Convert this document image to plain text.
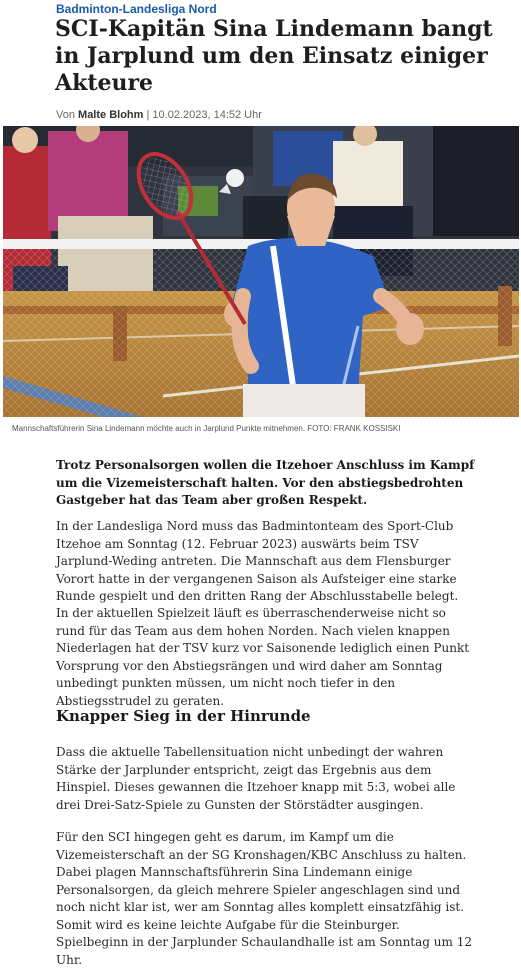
Badminton-Landesliga Nord
SCI-Kapitän Sina Lindemann bangt in Jarplund um den Einsatz einiger Akteure
Von Malte Blohm | 10.02.2023, 14:52 Uhr
Mannschaftsführerin Sina Lindemann möchte auch in Jarplund Punkte mitnehmen. FOTO: FRANK KOSSISKI

Trotz Personalsorgen wollen die Itzehoer Anschluss im Kampf um die Vizemeisterschaft halten. Vor den abstiegsbedrohten Gastgeber hat das Team aber großen Respekt.

In der Landesliga Nord muss das Badmintonteam des Sport-Club Itzehoe am Sonntag (12. Februar 2023) auswärts beim TSV Jarplund-Weding antreten. Die Mannschaft aus dem Flensburger Vorort hatte in der vergangenen Saison als Aufsteiger eine starke Runde gespielt und den dritten Rang der Abschlusstabelle belegt.

In der aktuellen Spielzeit läuft es überraschenderweise nicht so rund für das Team aus dem hohen Norden. Nach vielen knappen Niederlagen hat der TSV kurz vor Saisonende lediglich einen Punkt Vorsprung vor den Abstiegsrängen und wird daher am Sonntag unbedingt punkten müssen, um nicht noch tiefer in den Abstiegsstrudel zu geraten.

Knapper Sieg in der Hinrunde

Dass die aktuelle Tabellensituation nicht unbedingt der wahren Stärke der Jarplunder entspricht, zeigt das Ergebnis aus dem Hinspiel. Dieses gewannen die Itzehoer knapp mit 5:3, wobei alle drei Drei-Satz-Spiele zu Gunsten der Störstädter ausgingen.

Für den SCI hingegen geht es darum, im Kampf um die Vizemeisterschaft an der SG Kronshagen/KBC Anschluss zu halten. Dabei plagen Mannschaftsführerin Sina Lindemann einige Personalsorgen, da gleich mehrere Spieler angeschlagen sind und noch nicht klar ist, wer am Sonntag alles komplett einsatzfähig ist. Somit wird es keine leichte Aufgabe für die Steinburger. Spielbeginn in der Jarplunder Schaulandhalle ist am Sonntag um 12 Uhr.
